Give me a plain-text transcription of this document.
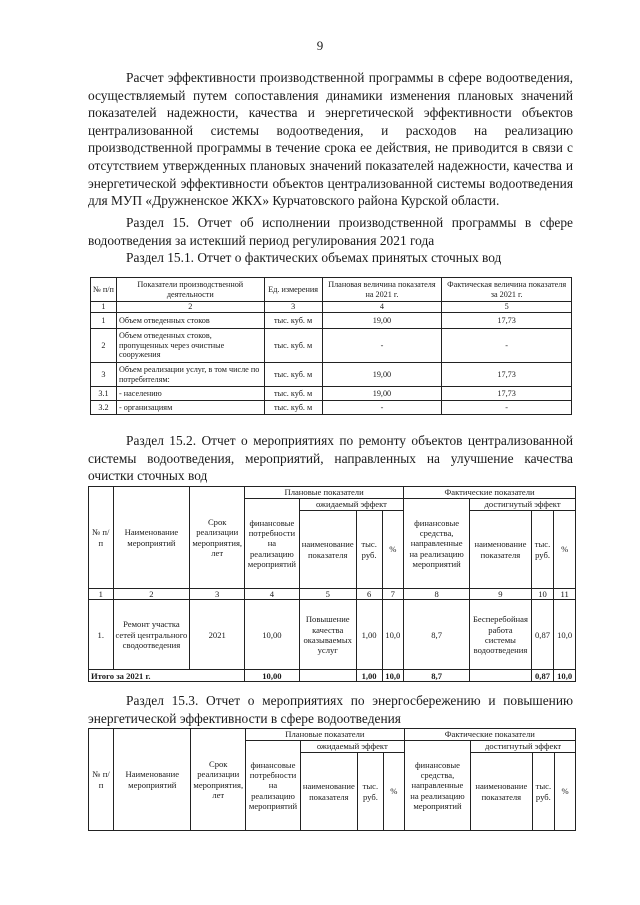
9
Расчет эффективности производственной программы в сфере водоотведения, осуществляемый путем сопоставления динамики изменения плановых значений показателей надежности, качества и энергетической эффективности объектов централизованной системы водоотведения, и расходов на реализацию производственной программы в течение срока ее действия, не приводится в связи с отсутствием утвержденных плановых значений показателей надежности, качества и энергетической эффективности объектов централизованной системы водоотведения для МУП «Дружненское ЖКХ» Курчатовского района Курской области.
Раздел 15. Отчет об исполнении производственной программы в сфере водоотведения за истекший период регулирования 2021 года
Раздел 15.1. Отчет о фактических объемах принятых сточных вод
№ п/п	Показатели производственной деятельности	Ед. измерения	Плановая величина показателя на 2021 г.	Фактическая величина показателя за 2021 г.
1	2	3	4	5
1	Объем отведенных стоков	тыс. куб. м	19,00	17,73
2	Объем отведенных стоков, пропущенных через очистные сооружения	тыс. куб. м	-	-
3	Объем реализации услуг, в том числе по потребителям:	тыс. куб. м	19,00	17,73
3.1	- населению	тыс. куб. м	19,00	17,73
3.2	- организациям	тыс. куб. м	-	-
Раздел 15.2. Отчет о мероприятиях по ремонту объектов централизованной системы водоотведения, мероприятий, направленных на улучшение качества очистки сточных вод
№ п/п	Наименование мероприятий	Срок реализации мероприятия, лет	Плановые показатели				Фактические показатели			
			финансовые потребности на реализацию мероприятий	ожидаемый эффект			финансовые средства, направленные на реализацию мероприятий	достигнутый эффект		
				наименование показателя	тыс. руб.	%		наименование показателя	тыс. руб.	%
1	2	3	4	5	6	7	8	9	10	11
1.	Ремонт участка сетей центрального сводоотведения	2021	10,00	Повышение качества оказываемых услуг	1,00	10,0	8,7	Бесперебойная работа системы водоотведения	0,87	10,0
Итого за 2021 г.			10,00		1,00	10,0	8,7		0,87	10,0
Раздел 15.3. Отчет о мероприятиях по энергосбережению и повышению энергетической эффективности в сфере водоотведения
№ п/п	Наименование мероприятий	Срок реализации мероприятия, лет	Плановые показатели				Фактические показатели			
			финансовые потребности на реализацию мероприятий	ожидаемый эффект			финансовые средства, направленные на реализацию мероприятий	достигнутый эффект		
				наименование показателя	тыс. руб.	%		наименование показателя	тыс. руб.	%
